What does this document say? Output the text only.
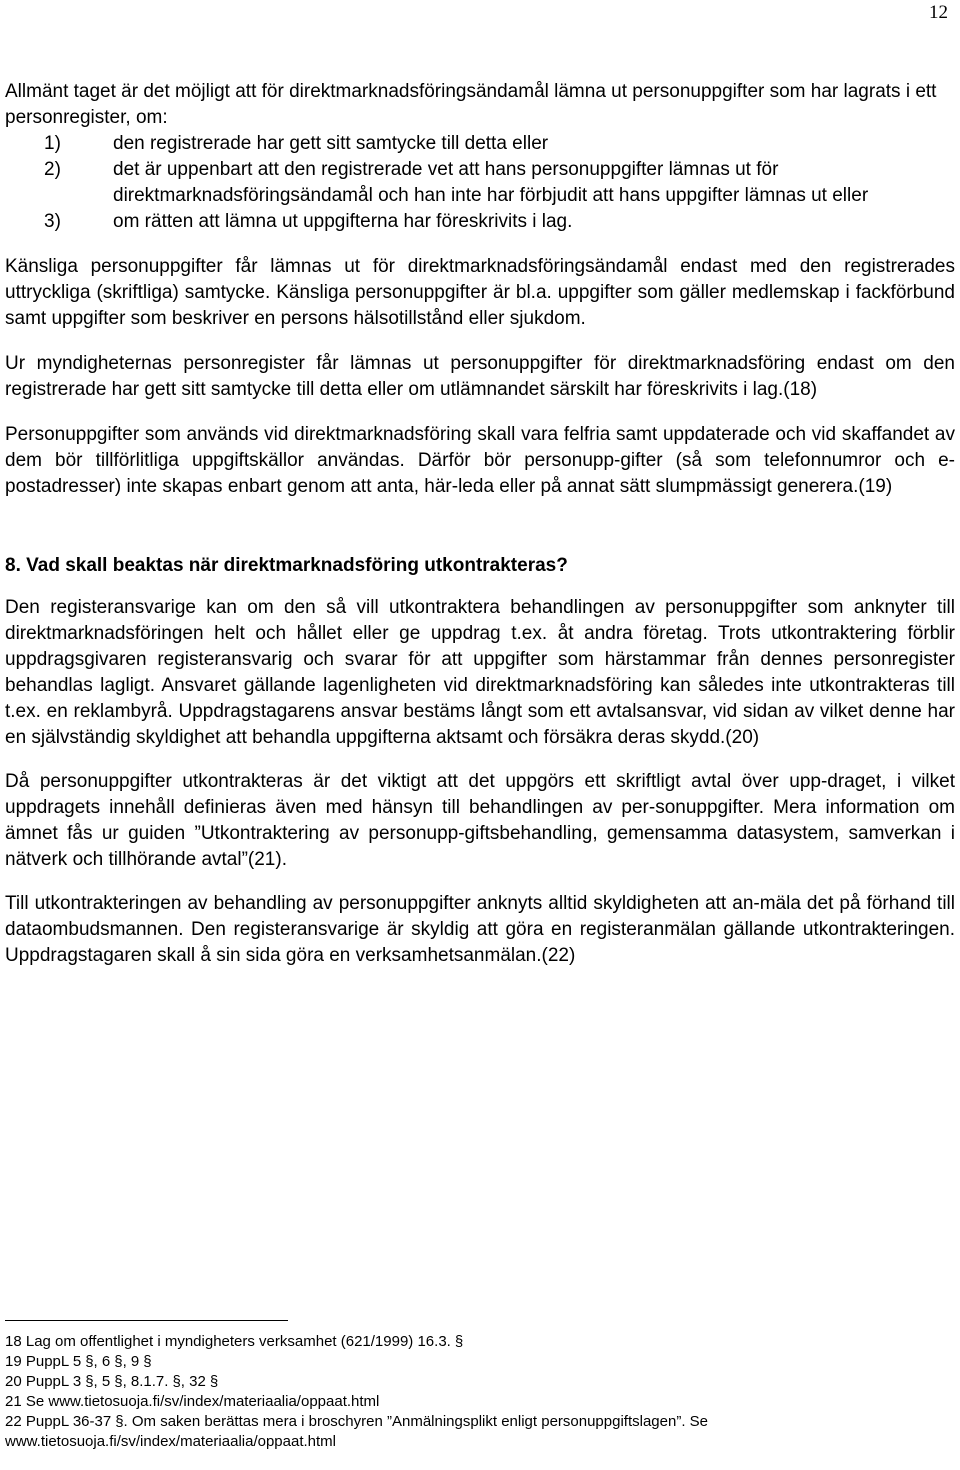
12

Allmänt taget är det möjligt att för direktmarknadsföringsändamål lämna ut personuppgifter som har lagrats i ett personregister, om:

1)	den registrerade har gett sitt samtycke till detta eller
2)	det är uppenbart att den registrerade vet att hans personuppgifter lämnas ut för direktmarknadsföringsändamål och han inte har förbjudit att hans uppgifter lämnas ut eller
3)	om rätten att lämna ut uppgifterna har föreskrivits i lag.

Känsliga personuppgifter får lämnas ut för direktmarknadsföringsändamål endast med den registrerades uttryckliga (skriftliga) samtycke. Känsliga personuppgifter är bl.a. uppgifter som gäller medlemskap i fackförbund samt uppgifter som beskriver en persons hälsotillstånd eller sjukdom.

Ur myndigheternas personregister får lämnas ut personuppgifter för direktmarknadsföring endast om den registrerade har gett sitt samtycke till detta eller om utlämnandet särskilt har föreskrivits i lag.(18)

Personuppgifter som används vid direktmarknadsföring skall vara felfria samt uppdaterade och vid skaffandet av dem bör tillförlitliga uppgiftskällor användas. Därför bör personupp-gifter (så som telefonnumror och e-postadresser) inte skapas enbart genom att anta, här-leda eller på annat sätt slumpmässigt generera.(19)

8. Vad skall beaktas när direktmarknadsföring utkontrakteras?

Den registeransvarige kan om den så vill utkontraktera behandlingen av personuppgifter som anknyter till direktmarknadsföringen helt och hållet eller ge uppdrag t.ex. åt andra företag. Trots utkontraktering förblir uppdragsgivaren registeransvarig och svarar för att uppgifter som härstammar från dennes personregister behandlas lagligt. Ansvaret gällande lagenligheten vid direktmarknadsföring kan således inte utkontrakteras till t.ex. en reklambyrå. Uppdragstagarens ansvar bestäms långt som ett avtalsansvar, vid sidan av vilket denne har en självständig skyldighet att behandla uppgifterna aktsamt och försäkra deras skydd.(20)

Då personuppgifter utkontrakteras är det viktigt att det uppgörs ett skriftligt avtal över upp-draget, i vilket uppdragets innehåll definieras även med hänsyn till behandlingen av per-sonuppgifter. Mera information om ämnet fås ur guiden ”Utkontraktering av personupp-giftsbehandling, gemensamma datasystem, samverkan i nätverk och tillhörande avtal”(21).

Till utkontrakteringen av behandling av personuppgifter anknyts alltid skyldigheten att an-mäla det på förhand till dataombudsmannen. Den registeransvarige är skyldig att göra en registeranmälan gällande utkontrakteringen. Uppdragstagaren skall å sin sida göra en verksamhetsanmälan.(22)

18 Lag om offentlighet i myndigheters verksamhet (621/1999) 16.3. §
19 PuppL 5 § , 6 § , 9 §
20 PuppL 3 § , 5 § , 8.1.7. § , 32 §
21 Se www.tietosuoja.fi/sv/index/materiaalia/oppaat.html
22 PuppL 36-37 § . Om saken berättas mera i broschyren ”Anmälningsplikt enligt personuppgiftslagen”. Se
www.tietosuoja.fi/sv/index/materiaalia/oppaat.html
